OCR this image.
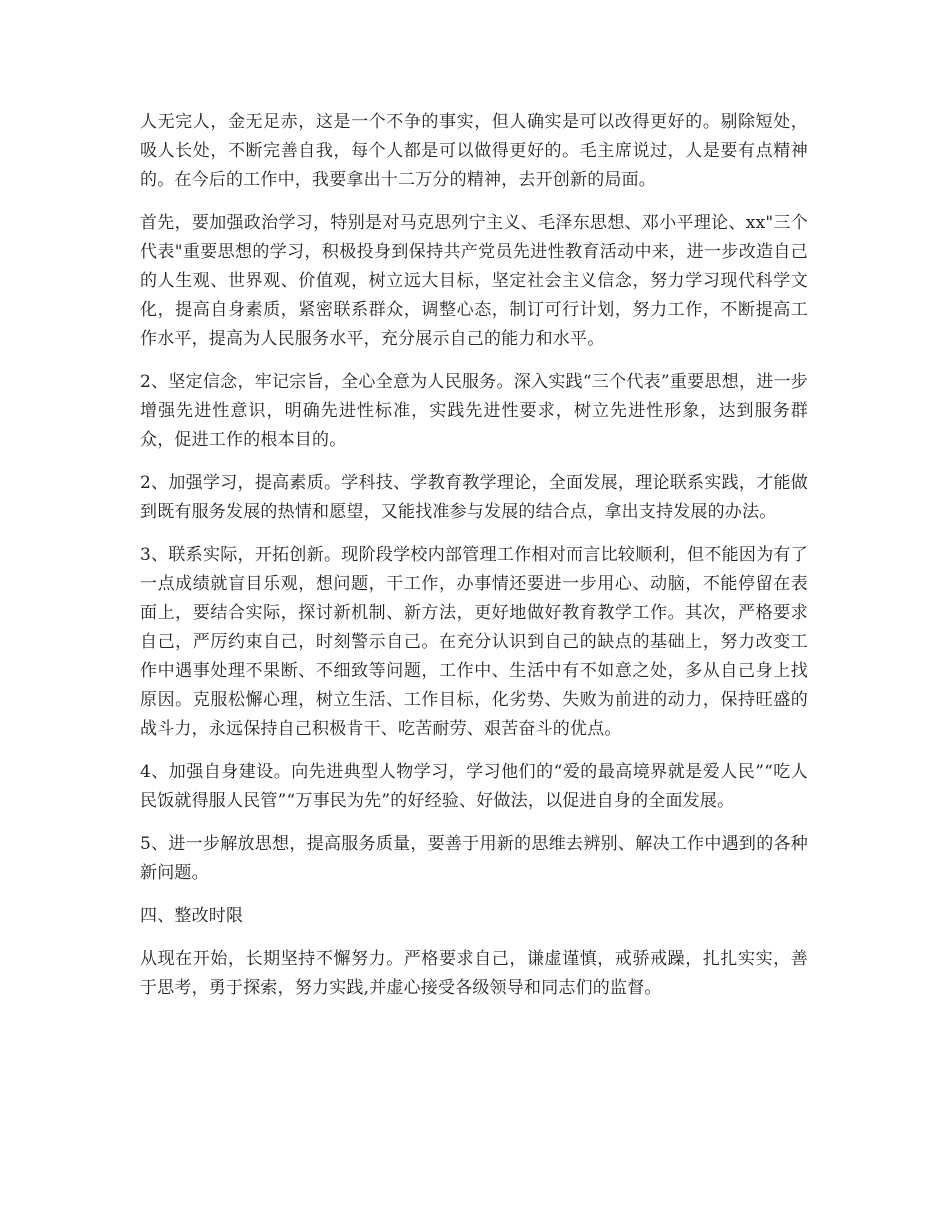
人无完人，金无足赤，这是一个不争的事实，但人确实是可以改得更好的。剔除短处，吸人长处，不断完善自我，每个人都是可以做得更好的。毛主席说过，人是要有点精神的。在今后的工作中，我要拿出十二万分的精神，去开创新的局面。

首先，要加强政治学习，特别是对马克思列宁主义、毛泽东思想、邓小平理论、xx"三个代表"重要思想的学习，积极投身到保持共产党员先进性教育活动中来，进一步改造自己的人生观、世界观、价值观，树立远大目标，坚定社会主义信念，努力学习现代科学文化，提高自身素质，紧密联系群众，调整心态，制订可行计划，努力工作，不断提高工作水平，提高为人民服务水平，充分展示自己的能力和水平。

2、坚定信念，牢记宗旨，全心全意为人民服务。深入实践“三个代表”重要思想，进一步增强先进性意识，明确先进性标准，实践先进性要求，树立先进性形象，达到服务群众，促进工作的根本目的。

2、加强学习，提高素质。学科技、学教育教学理论，全面发展，理论联系实践，才能做到既有服务发展的热情和愿望，又能找准参与发展的结合点，拿出支持发展的办法。

3、联系实际，开拓创新。现阶段学校内部管理工作相对而言比较顺利，但不能因为有了一点成绩就盲目乐观，想问题，干工作，办事情还要进一步用心、动脑，不能停留在表面上，要结合实际，探讨新机制、新方法，更好地做好教育教学工作。其次，严格要求自己，严厉约束自己，时刻警示自己。在充分认识到自己的缺点的基础上，努力改变工作中遇事处理不果断、不细致等问题，工作中、生活中有不如意之处，多从自己身上找原因。克服松懈心理，树立生活、工作目标，化劣势、失败为前进的动力，保持旺盛的战斗力，永远保持自己积极肯干、吃苦耐劳、艰苦奋斗的优点。

4、加强自身建设。向先进典型人物学习，学习他们的“爱的最高境界就是爱人民”“吃人民饭就得服人民管”“万事民为先”的好经验、好做法，以促进自身的全面发展。

5、进一步解放思想，提高服务质量，要善于用新的思维去辨别、解决工作中遇到的各种新问题。

四、整改时限

从现在开始，长期坚持不懈努力。严格要求自己，谦虚谨慎，戒骄戒躁，扎扎实实，善于思考，勇于探索，努力实践,并虚心接受各级领导和同志们的监督。
